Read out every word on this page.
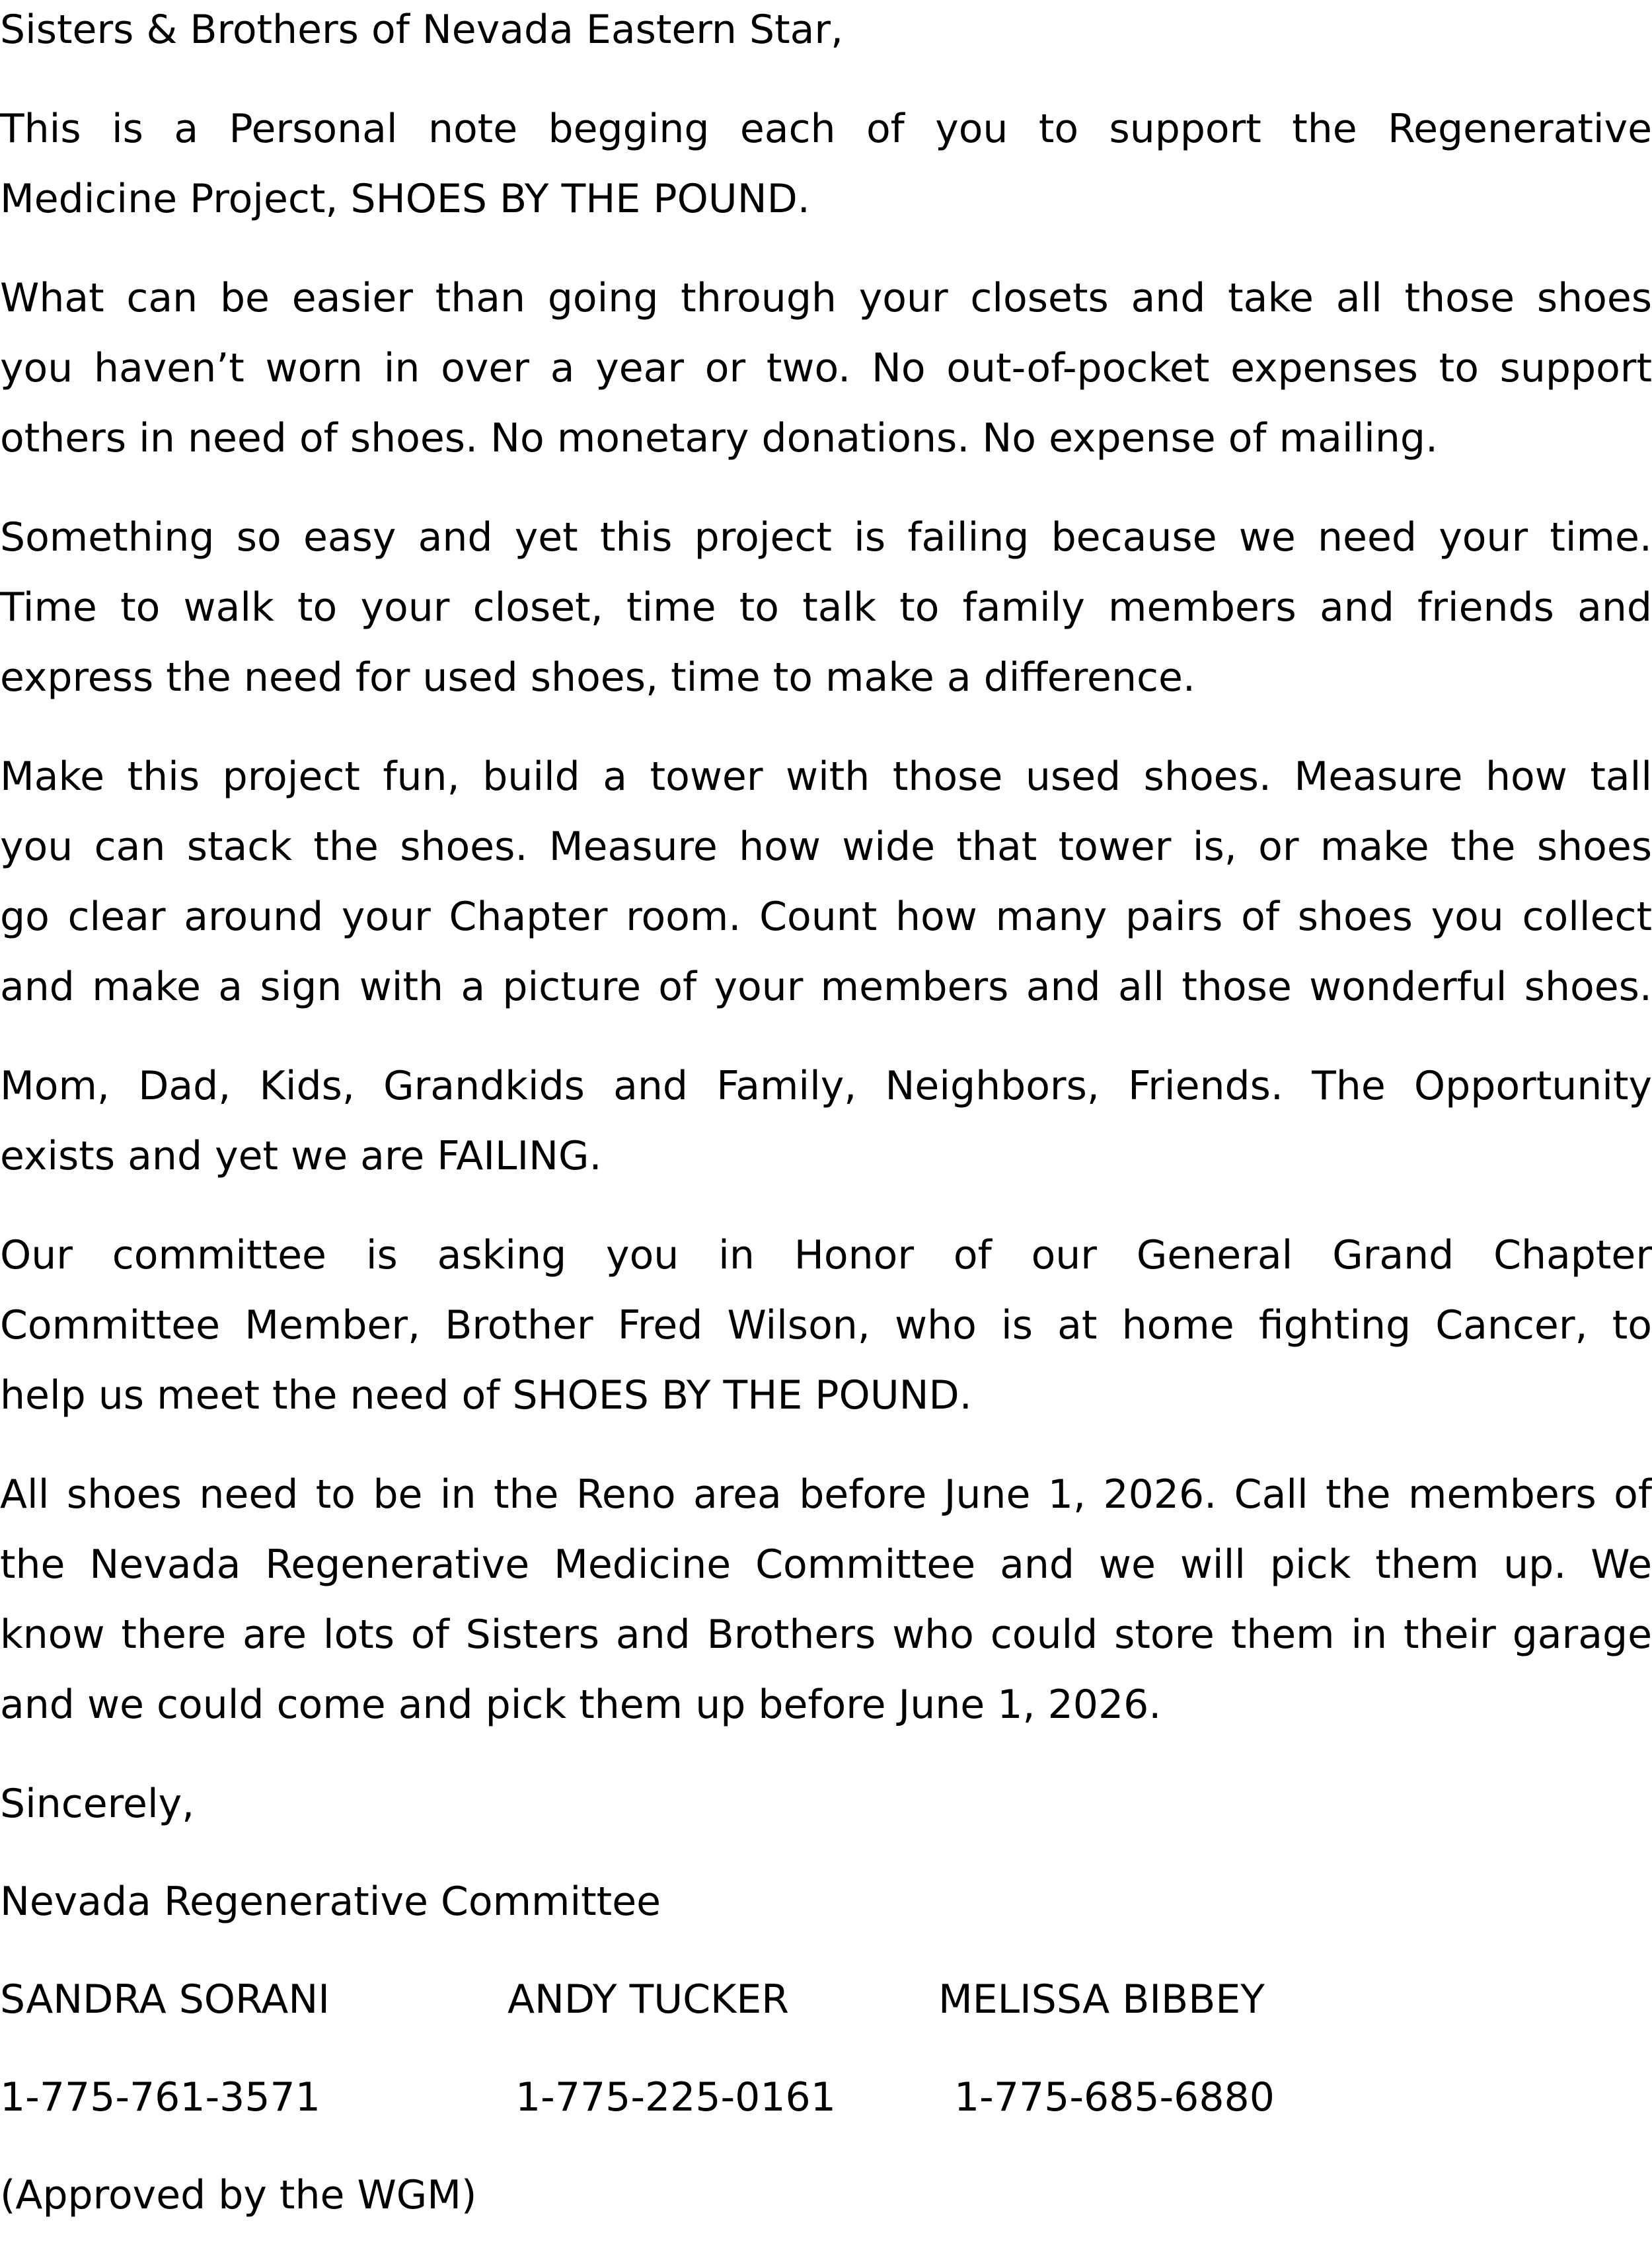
Sisters & Brothers of Nevada Eastern Star,
This is a Personal note begging each of you to support the Regenerative
Medicine Project, SHOES BY THE POUND.
What can be easier than going through your closets and take all those shoes
you haven’t worn in over a year or two. No out-of-pocket expenses to support
others in need of shoes. No monetary donations. No expense of mailing.
Something so easy and yet this project is failing because we need your time.
Time to walk to your closet, time to talk to family members and friends and
express the need for used shoes, time to make a difference.
Make this project fun, build a tower with those used shoes. Measure how tall
you can stack the shoes. Measure how wide that tower is, or make the shoes
go clear around your Chapter room. Count how many pairs of shoes you collect
and make a sign with a picture of your members and all those wonderful shoes.
Mom, Dad, Kids, Grandkids and Family, Neighbors, Friends. The Opportunity
exists and yet we are FAILING.
Our committee is asking you in Honor of our General Grand Chapter
Committee Member, Brother Fred Wilson, who is at home fighting Cancer, to
help us meet the need of SHOES BY THE POUND.
All shoes need to be in the Reno area before June 1, 2026. Call the members of
the Nevada Regenerative Medicine Committee and we will pick them up. We
know there are lots of Sisters and Brothers who could store them in their garage
and we could come and pick them up before June 1, 2026.
Sincerely,
Nevada Regenerative Committee
SANDRA SORANI	ANDY TUCKER	MELISSA BIBBEY
1-775-761-3571	1-775-225-0161	1-775-685-6880
(Approved by the WGM)
